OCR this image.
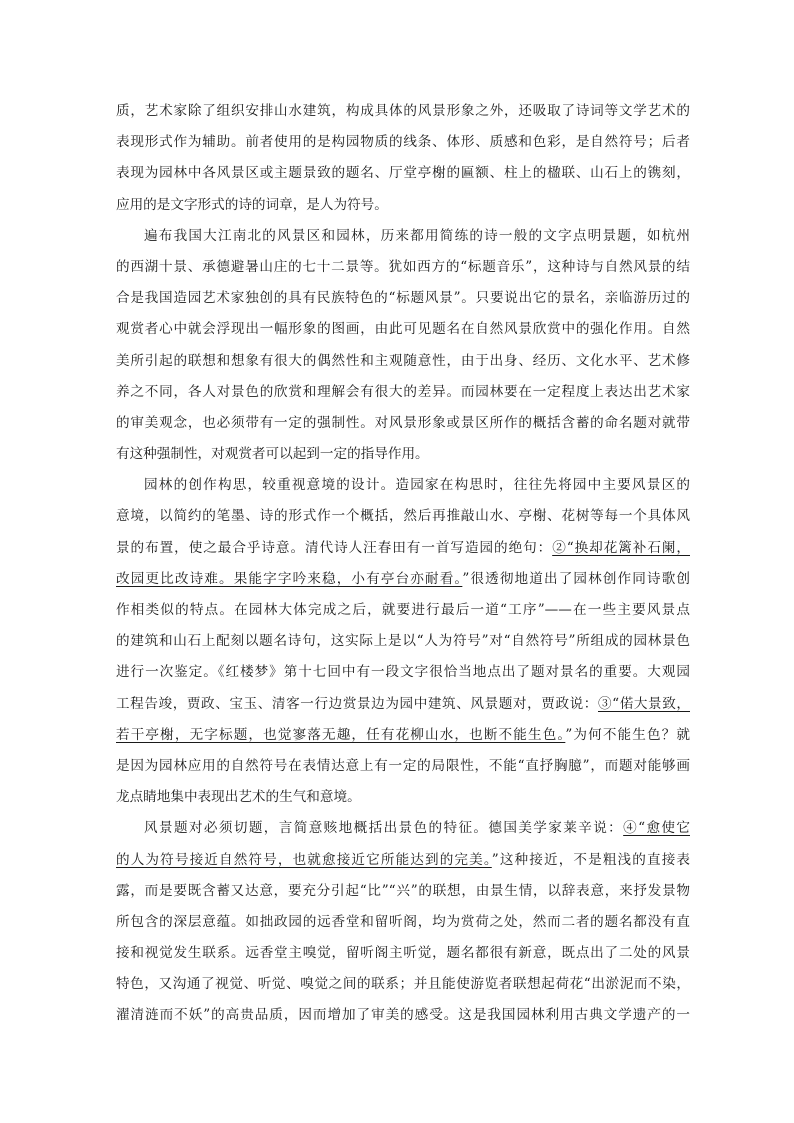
质，艺术家除了组织安排山水建筑，构成具体的风景形象之外，还吸取了诗词等文学艺术的
表现形式作为辅助。前者使用的是构园物质的线条、体形、质感和色彩，是自然符号；后者
表现为园林中各风景区或主题景致的题名、厅堂亭榭的匾额、柱上的楹联、山石上的镌刻，
应用的是文字形式的诗的词章，是人为符号。
遍布我国大江南北的风景区和园林，历来都用简练的诗一般的文字点明景题，如杭州
的西湖十景、承德避暑山庄的七十二景等。犹如西方的“标题音乐”，这种诗与自然风景的结
合是我国造园艺术家独创的具有民族特色的“标题风景”。只要说出它的景名，亲临游历过的
观赏者心中就会浮现出一幅形象的图画，由此可见题名在自然风景欣赏中的强化作用。自然
美所引起的联想和想象有很大的偶然性和主观随意性，由于出身、经历、文化水平、艺术修
养之不同，各人对景色的欣赏和理解会有很大的差异。而园林要在一定程度上表达出艺术家
的审美观念，也必须带有一定的强制性。对风景形象或景区所作的概括含蓄的命名题对就带
有这种强制性，对观赏者可以起到一定的指导作用。
园林的创作构思，较重视意境的设计。造园家在构思时，往往先将园中主要风景区的
意境，以简约的笔墨、诗的形式作一个概括，然后再推敲山水、亭榭、花树等每一个具体风
景的布置，使之最合乎诗意。清代诗人汪春田有一首写造园的绝句：②“换却花篱补石阑，
改园更比改诗难。果能字字吟来稳，小有亭台亦耐看。”很透彻地道出了园林创作同诗歌创
作相类似的特点。在园林大体完成之后，就要进行最后一道“工序”——在一些主要风景点
的建筑和山石上配刻以题名诗句，这实际上是以“人为符号”对“自然符号”所组成的园林景色
进行一次鉴定。《红楼梦》第十七回中有一段文字很恰当地点出了题对景名的重要。大观园
工程告竣，贾政、宝玉、清客一行边赏景边为园中建筑、风景题对，贾政说：③“偌大景致，
若干亭榭，无字标题，也觉寥落无趣，任有花柳山水，也断不能生色。”为何不能生色？就
是因为园林应用的自然符号在表情达意上有一定的局限性，不能“直抒胸臆”，而题对能够画
龙点睛地集中表现出艺术的生气和意境。
风景题对必须切题，言简意赅地概括出景色的特征。德国美学家莱辛说：④“愈使它
的人为符号接近自然符号，也就愈接近它所能达到的完美。”这种接近，不是粗浅的直接表
露，而是要既含蓄又达意，要充分引起“比”“兴”的联想，由景生情，以辞表意，来抒发景物
所包含的深层意蕴。如拙政园的远香堂和留听阁，均为赏荷之处，然而二者的题名都没有直
接和视觉发生联系。远香堂主嗅觉，留听阁主听觉，题名都很有新意，既点出了二处的风景
特色，又沟通了视觉、听觉、嗅觉之间的联系；并且能使游览者联想起荷花“出淤泥而不染，
濯清涟而不妖”的高贵品质，因而增加了审美的感受。这是我国园林利用古典文学遗产的一
